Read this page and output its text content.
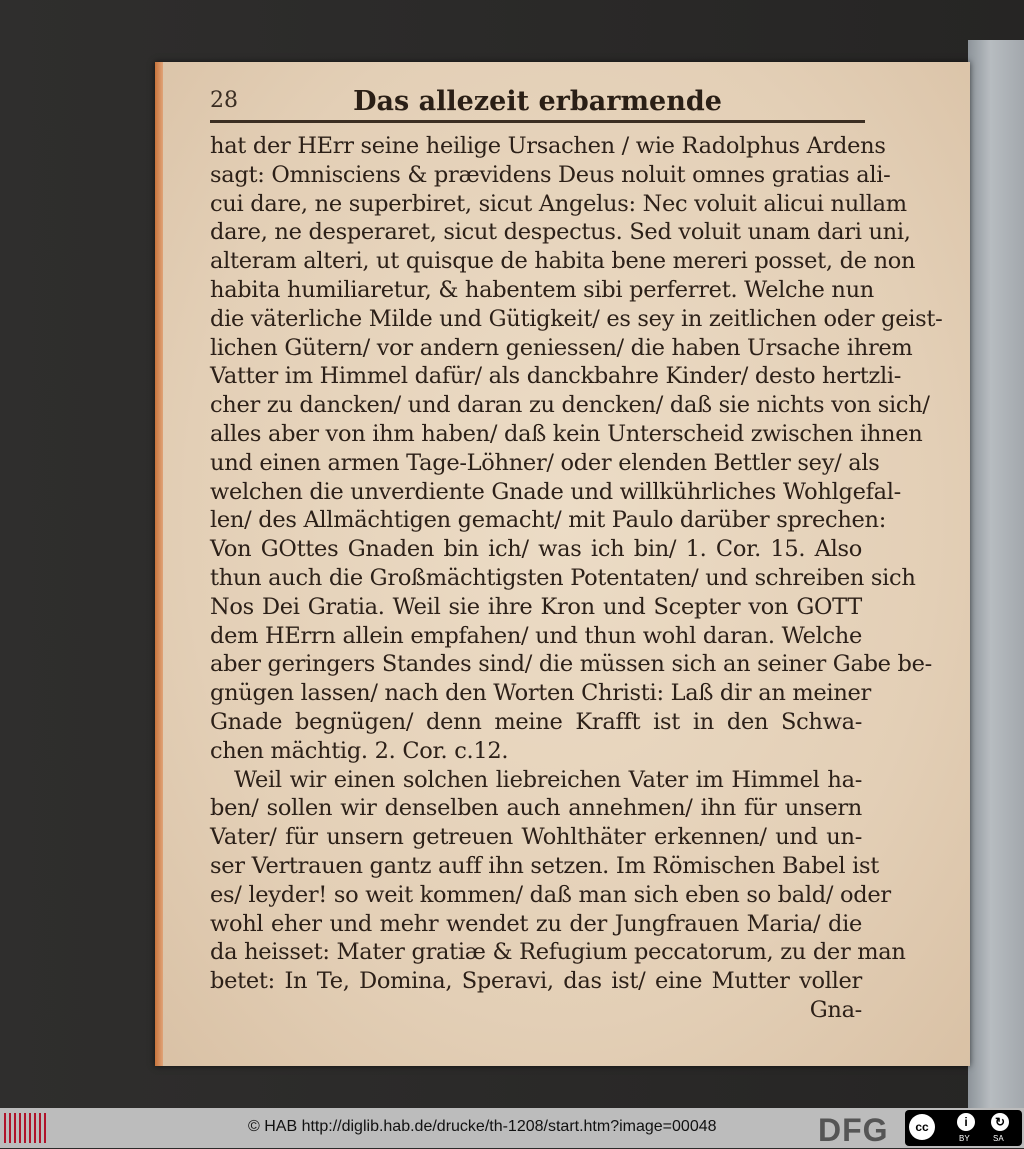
28	Das allezeit erbarmende
hat der HErr seine heilige Ursachen / wie Radolphus Ardens
sagt: Omnisciens & prævidens Deus noluit omnes gratias ali-
cui dare, ne superbiret, sicut Angelus: Nec voluit alicui nullam
dare, ne desperaret, sicut despectus. Sed voluit unam dari uni,
alteram alteri, ut quisque de habita bene mereri posset, de non
habita humiliaretur, & habentem sibi perferret. Welche nun
die väterliche Milde und Gütigkeit/ es sey in zeitlichen oder geist-
lichen Gütern/ vor andern geniessen/ die haben Ursache ihrem
Vatter im Himmel dafür/ als danckbahre Kinder/ desto hertzli-
cher zu dancken/ und daran zu dencken/ daß sie nichts von sich/
alles aber von ihm haben/ daß kein Unterscheid zwischen ihnen
und einen armen Tage-Löhner/ oder elenden Bettler sey/ als
welchen die unverdiente Gnade und willkührliches Wohlgefal-
len/ des Allmächtigen gemacht/ mit Paulo darüber sprechen:
Von GOttes Gnaden bin ich/ was ich bin/ 1. Cor. 15. Also
thun auch die Großmächtigsten Potentaten/ und schreiben sich
Nos Dei Gratia. Weil sie ihre Kron und Scepter von GOTT
dem HErrn allein empfahen/ und thun wohl daran. Welche
aber geringers Standes sind/ die müssen sich an seiner Gabe be-
gnügen lassen/ nach den Worten Christi: Laß dir an meiner
Gnade begnügen/ denn meine Krafft ist in den Schwa-
chen mächtig. 2. Cor. c.12.
Weil wir einen solchen liebreichen Vater im Himmel ha-
ben/ sollen wir denselben auch annehmen/ ihn für unsern
Vater/ für unsern getreuen Wohlthäter erkennen/ und un-
ser Vertrauen gantz auff ihn setzen. Im Römischen Babel ist
es/ leyder! so weit kommen/ daß man sich eben so bald/ oder
wohl eher und mehr wendet zu der Jungfrauen Maria/ die
da heisset: Mater gratiæ & Refugium peccatorum, zu der man
betet: In Te, Domina, Speravi, das ist/ eine Mutter voller
Gna-
© HAB http://diglib.hab.de/drucke/th-1208/start.htm?image=00048	DFG	cc	i	↻
BY	SA
